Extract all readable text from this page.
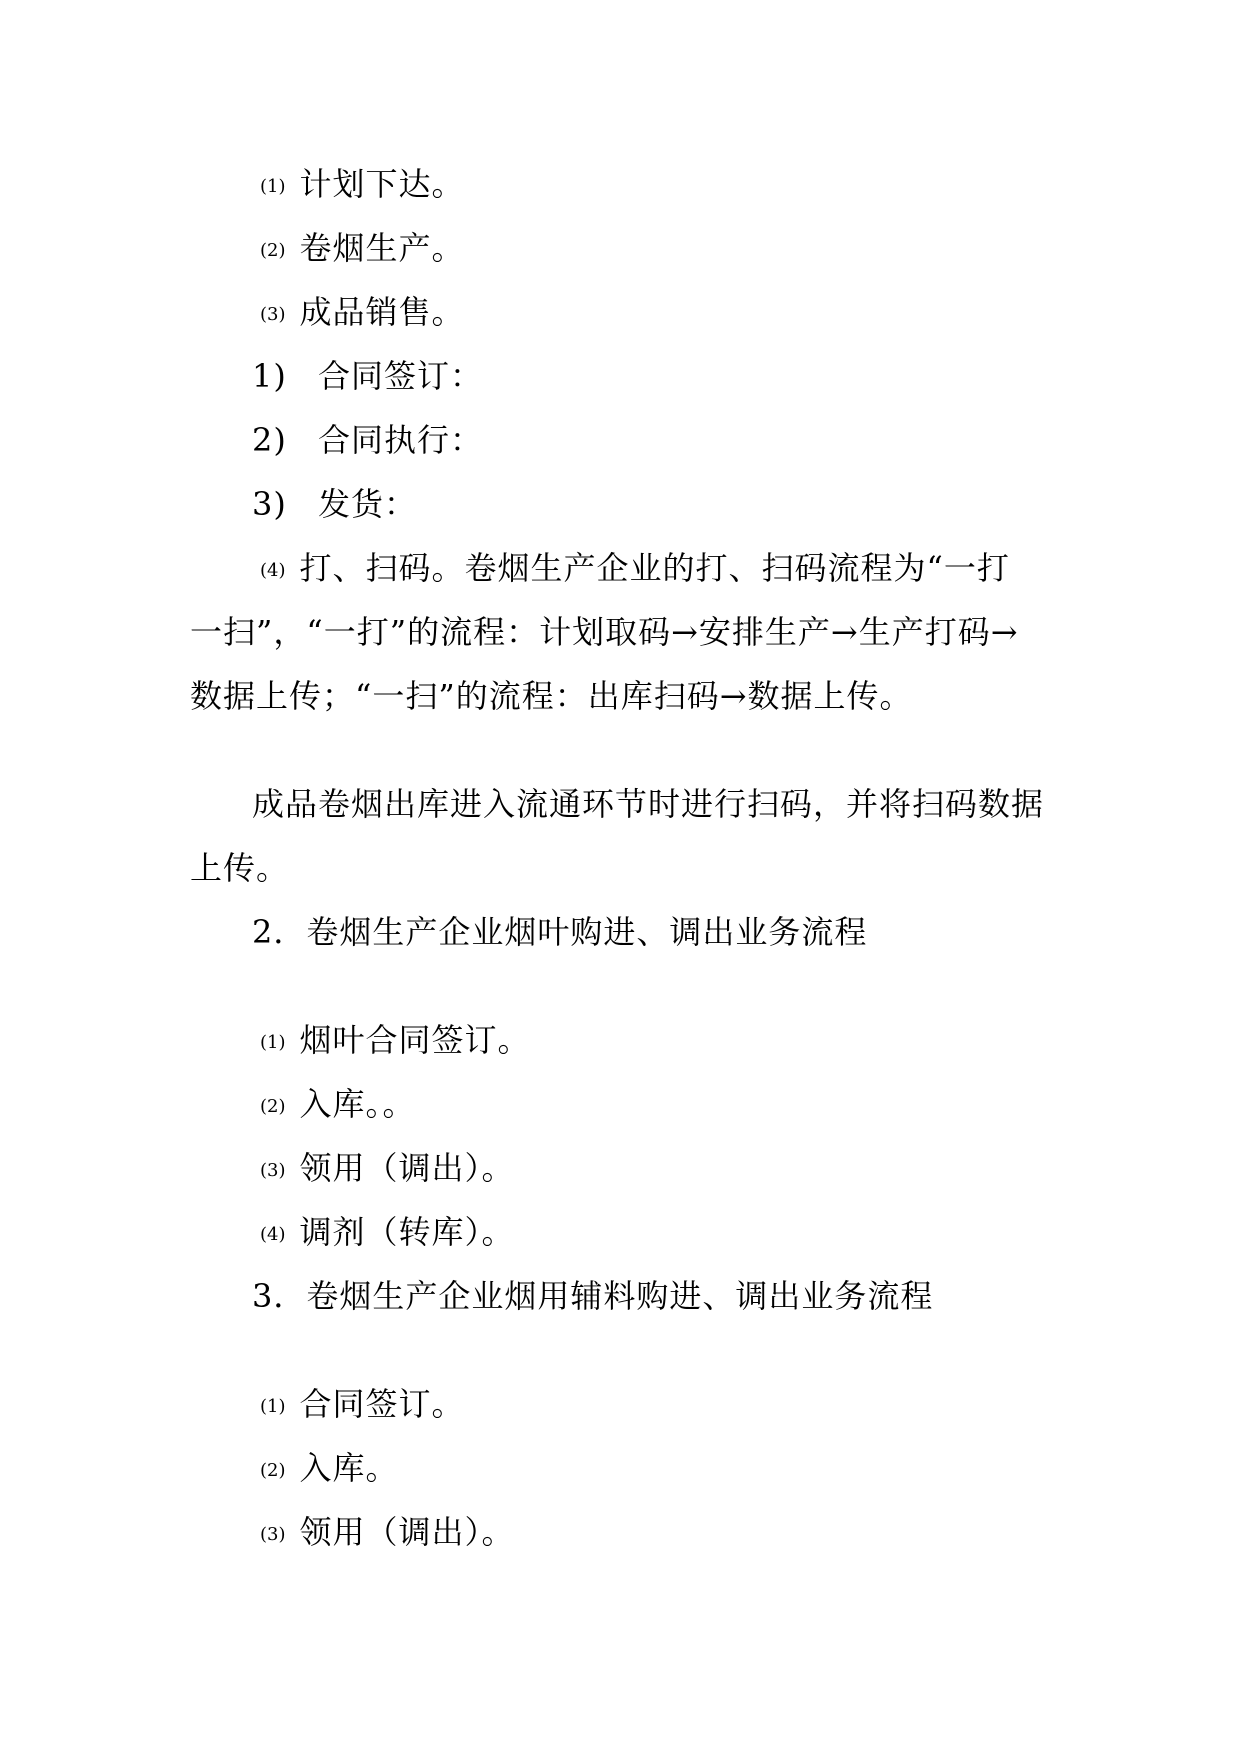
(1) 计划下达。
(2) 卷烟生产。
(3) 成品销售。
1) 合同签订：
2) 合同执行：
3) 发货：
(4) 打、扫码。卷烟生产企业的打、扫码流程为“一打
一扫”，“一打”的流程：计划取码→安排生产→生产打码→
数据上传；“一扫”的流程：出库扫码→数据上传。
成品卷烟出库进入流通环节时进行扫码，并将扫码数据
上传。
2．卷烟生产企业烟叶购进、调出业务流程
(1) 烟叶合同签订。
(2) 入库。。
(3) 领用（调出）。
(4) 调剂（转库）。
3．卷烟生产企业烟用辅料购进、调出业务流程
(1) 合同签订。
(2) 入库。
(3) 领用（调出）。
